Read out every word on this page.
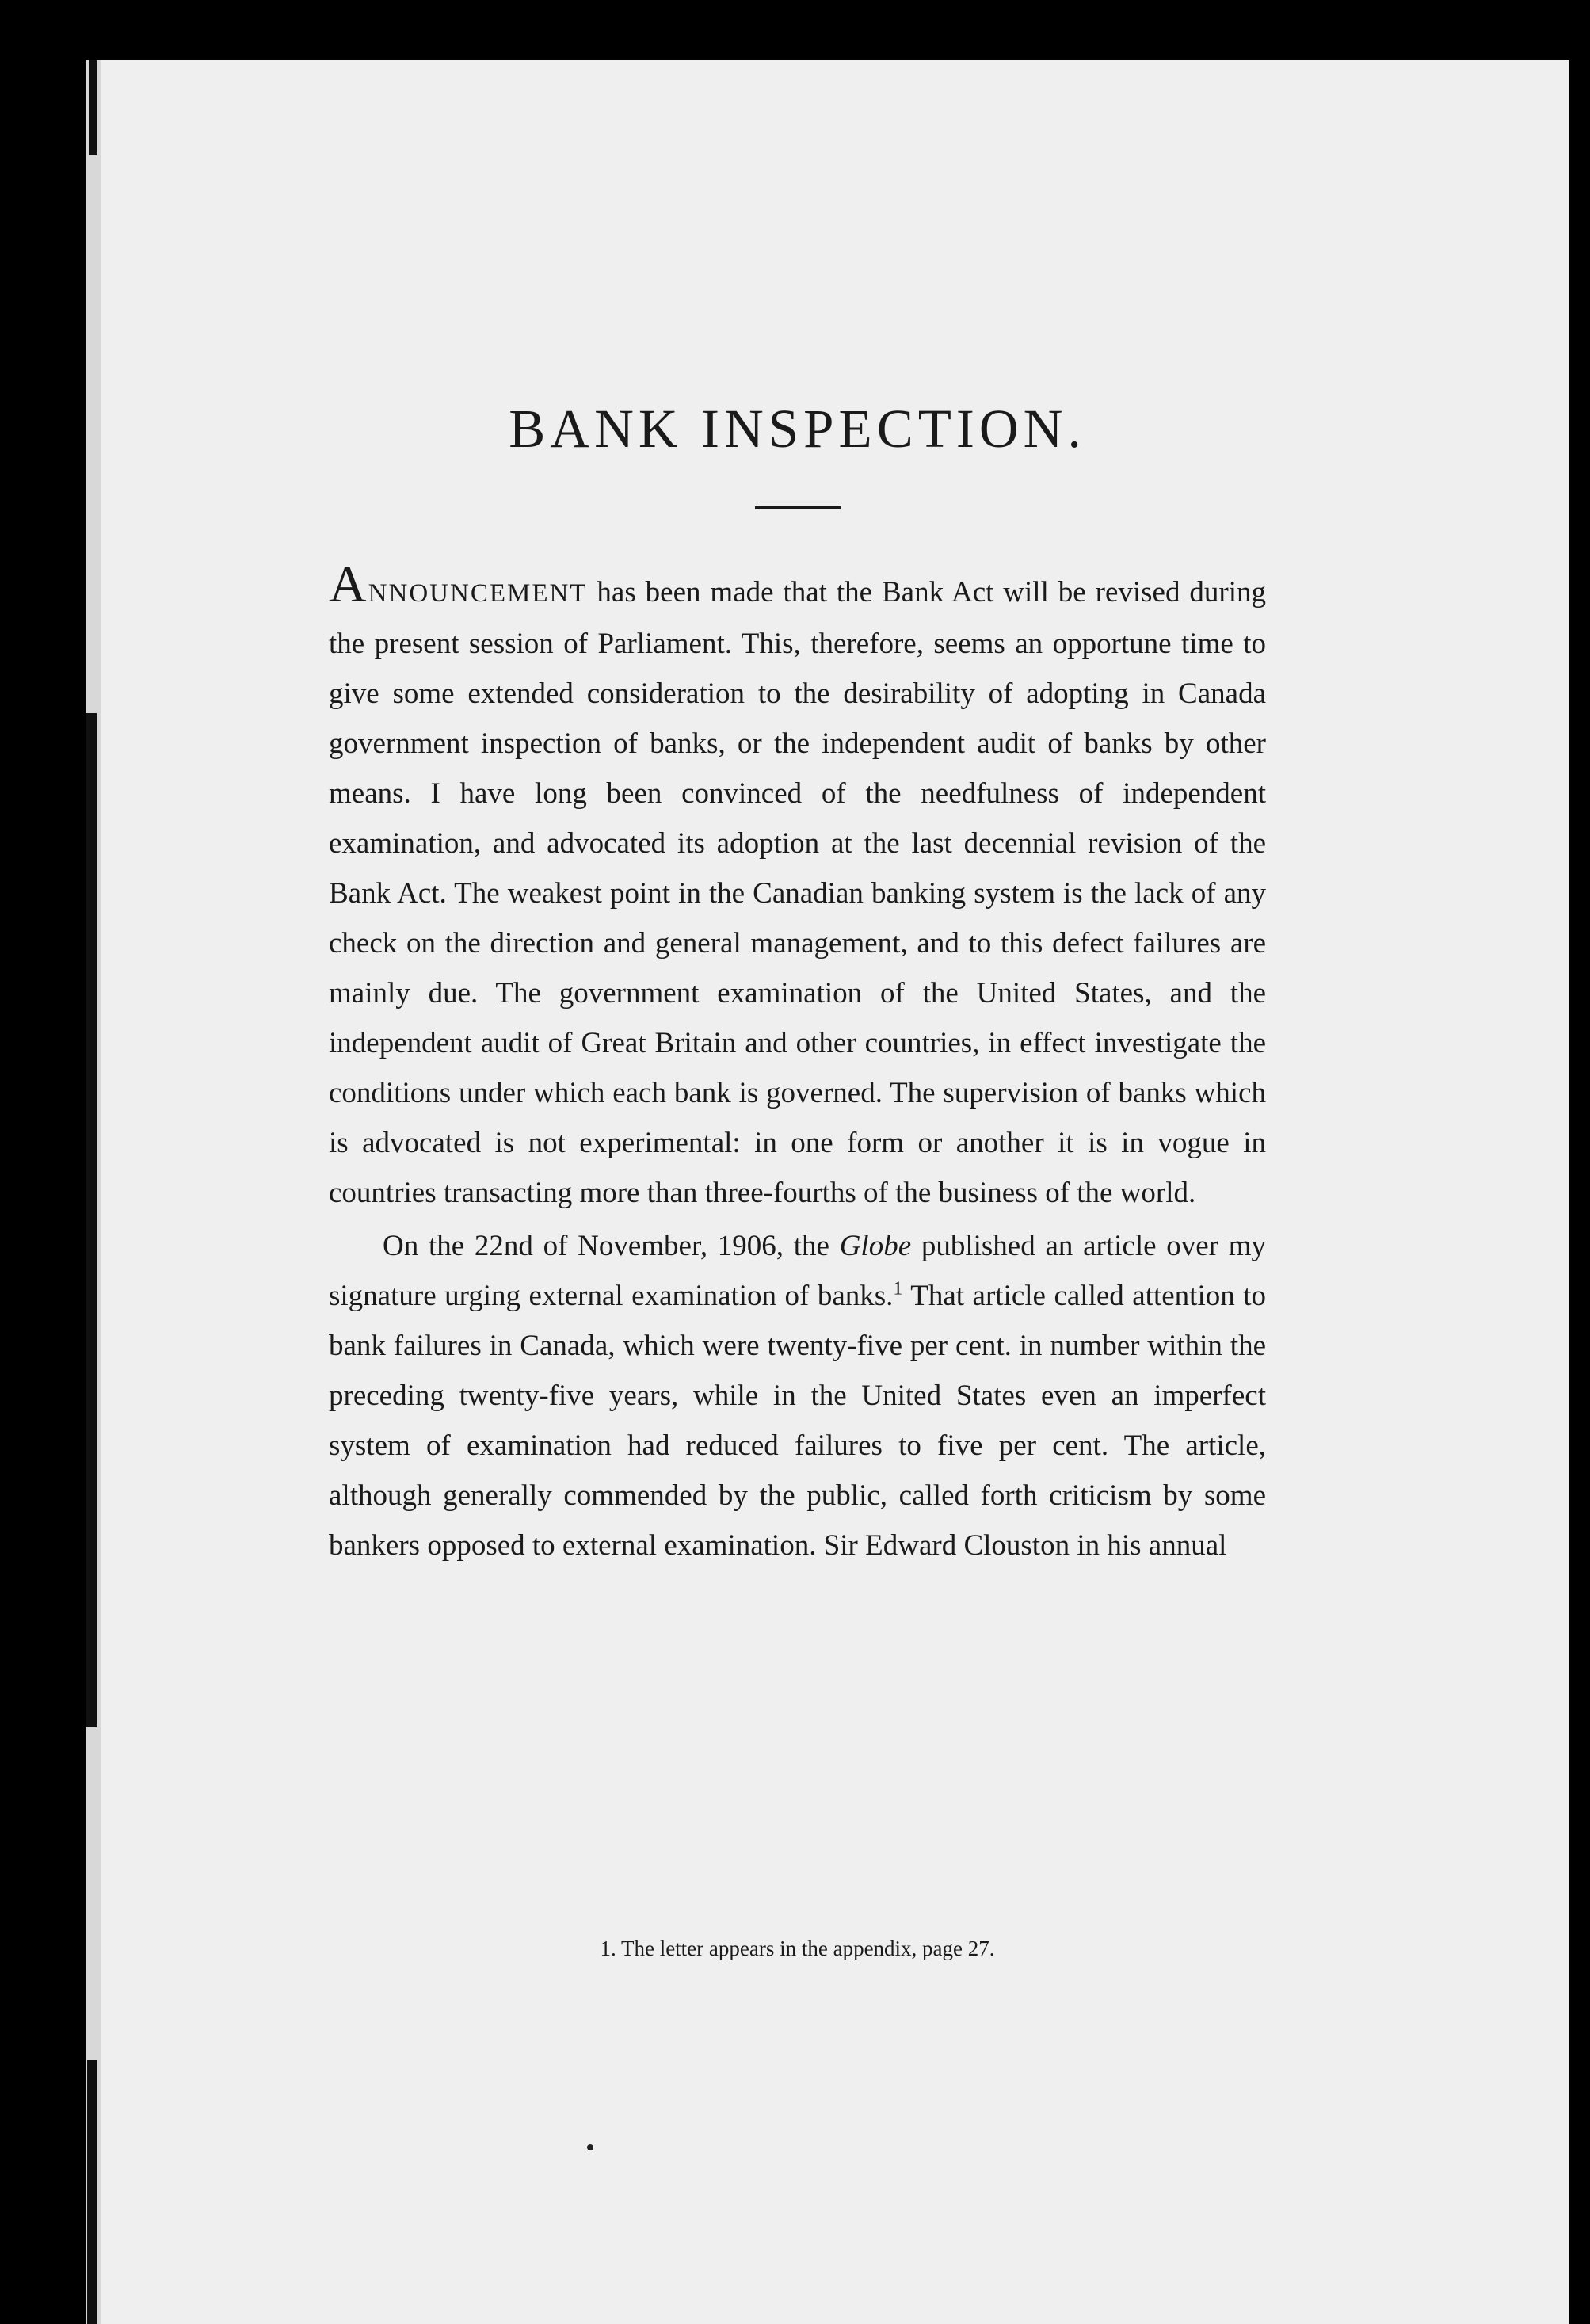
BANK INSPECTION.

ANNOUNCEMENT has been made that the Bank Act will be revised during the present session of Parliament. This, therefore, seems an opportune time to give some extended consideration to the desirability of adopting in Canada government inspection of banks, or the independent audit of banks by other means. I have long been convinced of the needfulness of independent examination, and advocated its adoption at the last decennial revision of the Bank Act. The weakest point in the Canadian banking system is the lack of any check on the direction and general management, and to this defect failures are mainly due. The government examination of the United States, and the independent audit of Great Britain and other countries, in effect investigate the conditions under which each bank is governed. The supervision of banks which is advocated is not experimental: in one form or another it is in vogue in countries transacting more than three-fourths of the business of the world.

On the 22nd of November, 1906, the Globe published an article over my signature urging external examination of banks.$^1$ That article called attention to bank failures in Canada, which were twenty-five per cent. in number within the preceding twenty-five years, while in the United States even an imperfect system of examination had reduced failures to five per cent. The article, although generally commended by the public, called forth criticism by some bankers opposed to external examination. Sir Edward Clouston in his annual

1. The letter appears in the appendix, page 27.
